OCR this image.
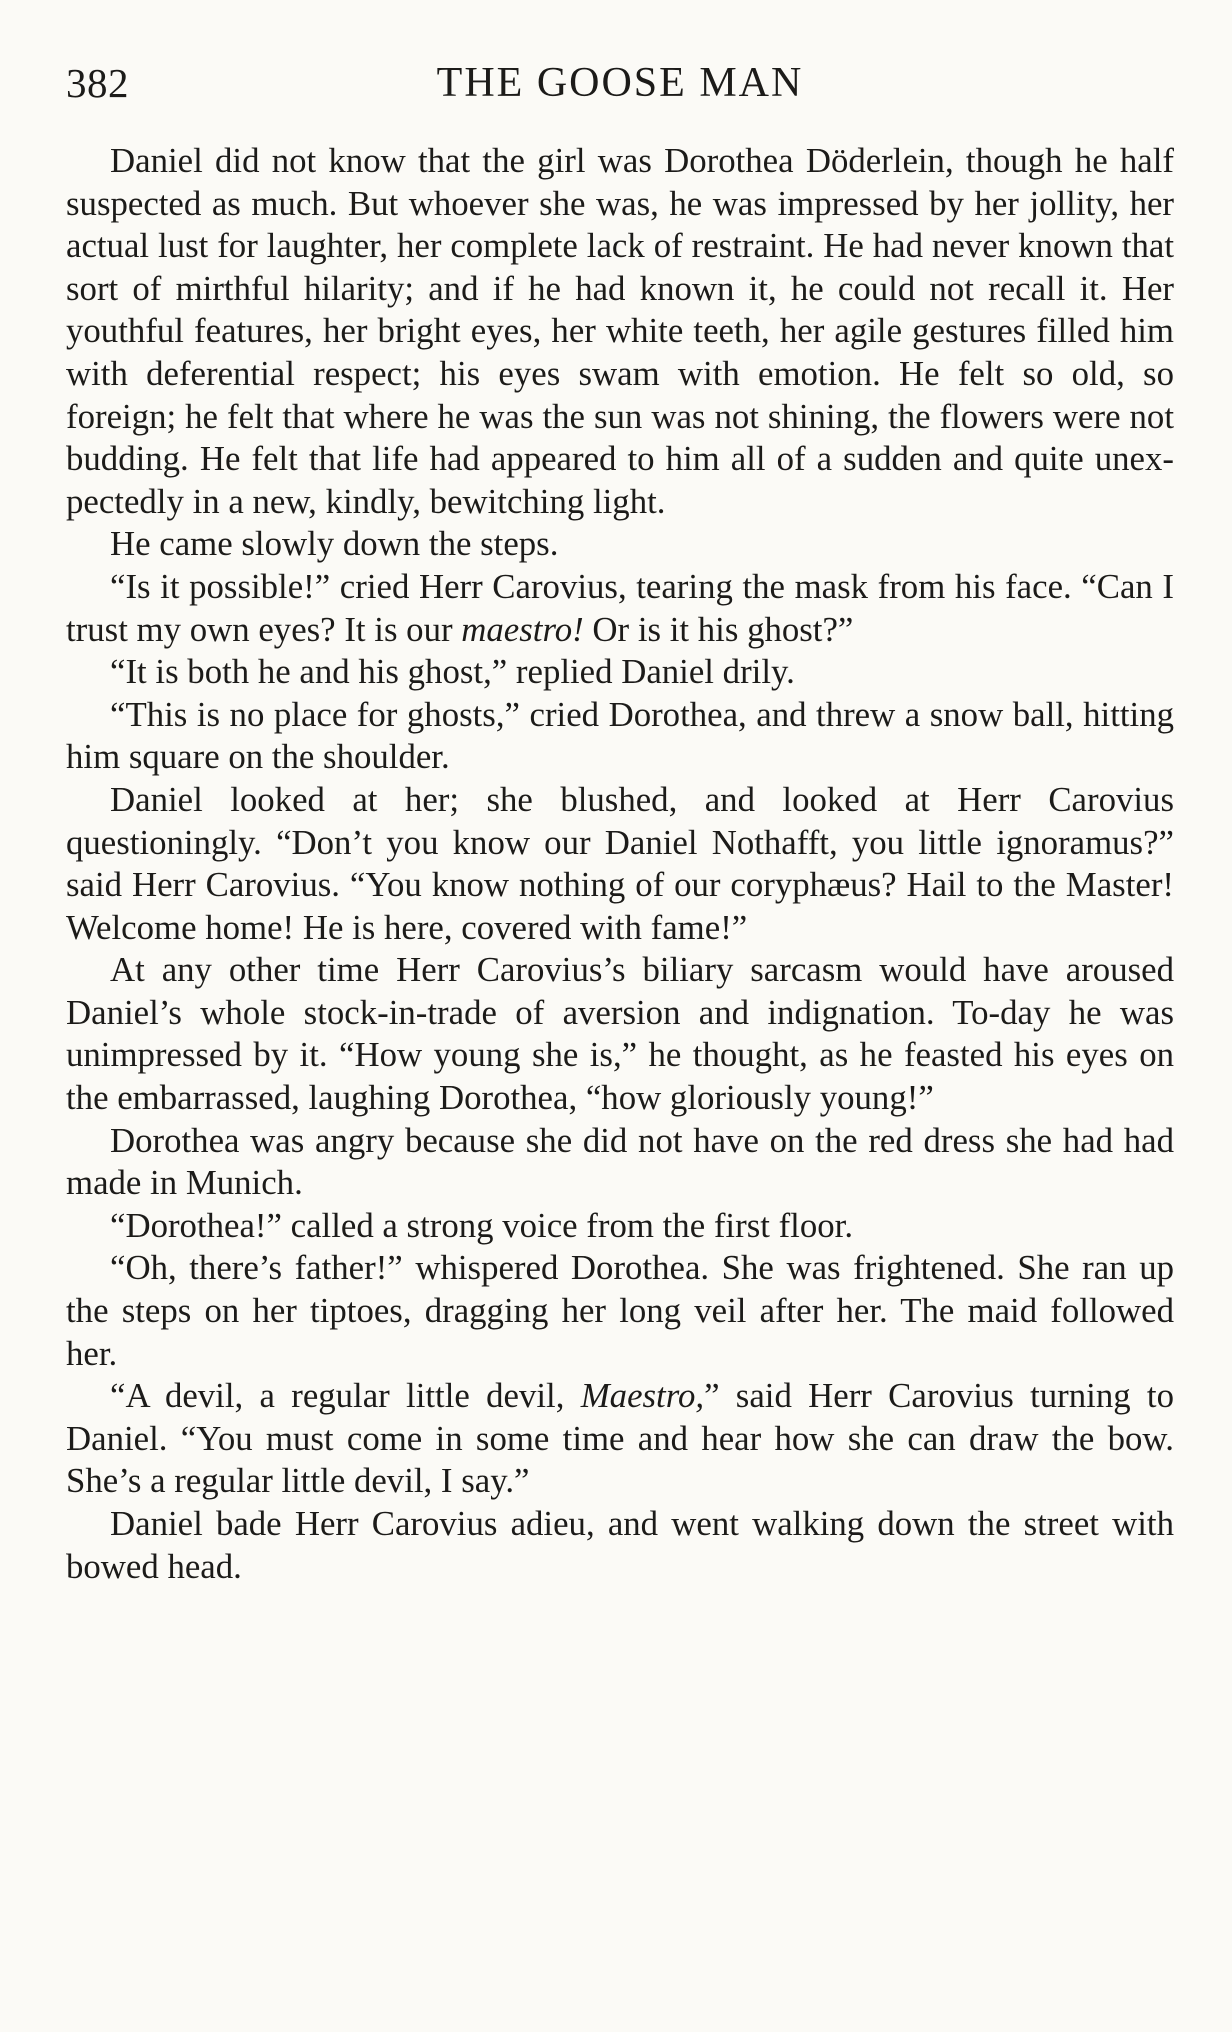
382	THE GOOSE MAN

Daniel did not know that the girl was Dorothea Döderlein, though he half suspected as much. But whoever she was, he was impressed by her jollity, her actual lust for laughter, her complete lack of restraint. He had never known that sort of mirthful hilarity; and if he had known it, he could not recall it. Her youthful features, her bright eyes, her white teeth, her agile gestures filled him with deferential respect; his eyes swam with emotion. He felt so old, so foreign; he felt that where he was the sun was not shining, the flowers were not budding. He felt that life had appeared to him all of a sudden and quite unexpectedly in a new, kindly, bewitching light.

He came slowly down the steps.

“Is it possible!” cried Herr Carovius, tearing the mask from his face. “Can I trust my own eyes? It is our maestro! Or is it his ghost?”

“It is both he and his ghost,” replied Daniel drily.

“This is no place for ghosts,” cried Dorothea, and threw a snow ball, hitting him square on the shoulder.

Daniel looked at her; she blushed, and looked at Herr Carovius questioningly. “Don’t you know our Daniel Nothafft, you little ignoramus?” said Herr Carovius. “You know nothing of our coryphæus? Hail to the Master! Welcome home! He is here, covered with fame!”

At any other time Herr Carovius’s biliary sarcasm would have aroused Daniel’s whole stock-in-trade of aversion and indignation. To-day he was unimpressed by it. “How young she is,” he thought, as he feasted his eyes on the embarrassed, laughing Dorothea, “how gloriously young!”

Dorothea was angry because she did not have on the red dress she had had made in Munich.

“Dorothea!” called a strong voice from the first floor.

“Oh, there’s father!” whispered Dorothea. She was frightened. She ran up the steps on her tiptoes, dragging her long veil after her. The maid followed her.

“A devil, a regular little devil, Maestro,” said Herr Carovius turning to Daniel. “You must come in some time and hear how she can draw the bow. She’s a regular little devil, I say.”

Daniel bade Herr Carovius adieu, and went walking down the street with bowed head.
